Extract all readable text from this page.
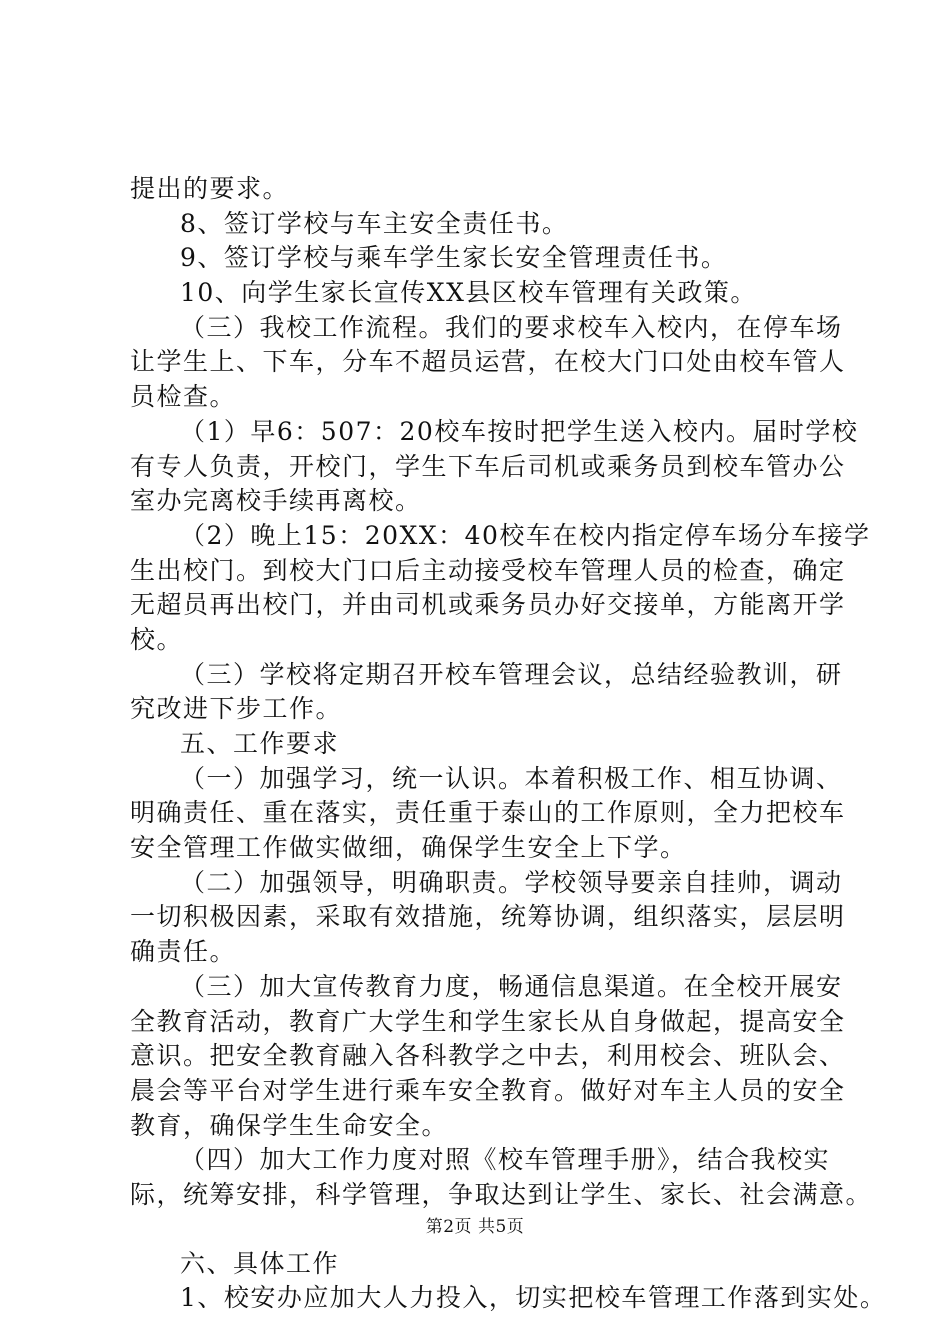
提出的要求。
8、签订学校与车主安全责任书。
9、签订学校与乘车学生家长安全管理责任书。
10、向学生家长宣传XX县区校车管理有关政策。
（三）我校工作流程。我们的要求校车入校内，在停车场
让学生上、下车，分车不超员运营，在校大门口处由校车管人
员检查。
（1）早6：507：20校车按时把学生送入校内。届时学校
有专人负责，开校门，学生下车后司机或乘务员到校车管办公
室办完离校手续再离校。
（2）晚上15：20XX：40校车在校内指定停车场分车接学
生出校门。到校大门口后主动接受校车管理人员的检查，确定
无超员再出校门，并由司机或乘务员办好交接单，方能离开学
校。
（三）学校将定期召开校车管理会议，总结经验教训，研
究改进下步工作。
五、工作要求
（一）加强学习，统一认识。本着积极工作、相互协调、
明确责任、重在落实，责任重于泰山的工作原则，全力把校车
安全管理工作做实做细，确保学生安全上下学。
（二）加强领导，明确职责。学校领导要亲自挂帅，调动
一切积极因素，采取有效措施，统筹协调，组织落实，层层明
确责任。
（三）加大宣传教育力度，畅通信息渠道。在全校开展安
全教育活动，教育广大学生和学生家长从自身做起，提高安全
意识。把安全教育融入各科教学之中去，利用校会、班队会、
晨会等平台对学生进行乘车安全教育。做好对车主人员的安全
教育，确保学生生命安全。
（四）加大工作力度对照《校车管理手册》，结合我校实
际，统筹安排，科学管理，争取达到让学生、家长、社会满意。
六、具体工作
1、校安办应加大人力投入，切实把校车管理工作落到实处。
第2页 共5页
